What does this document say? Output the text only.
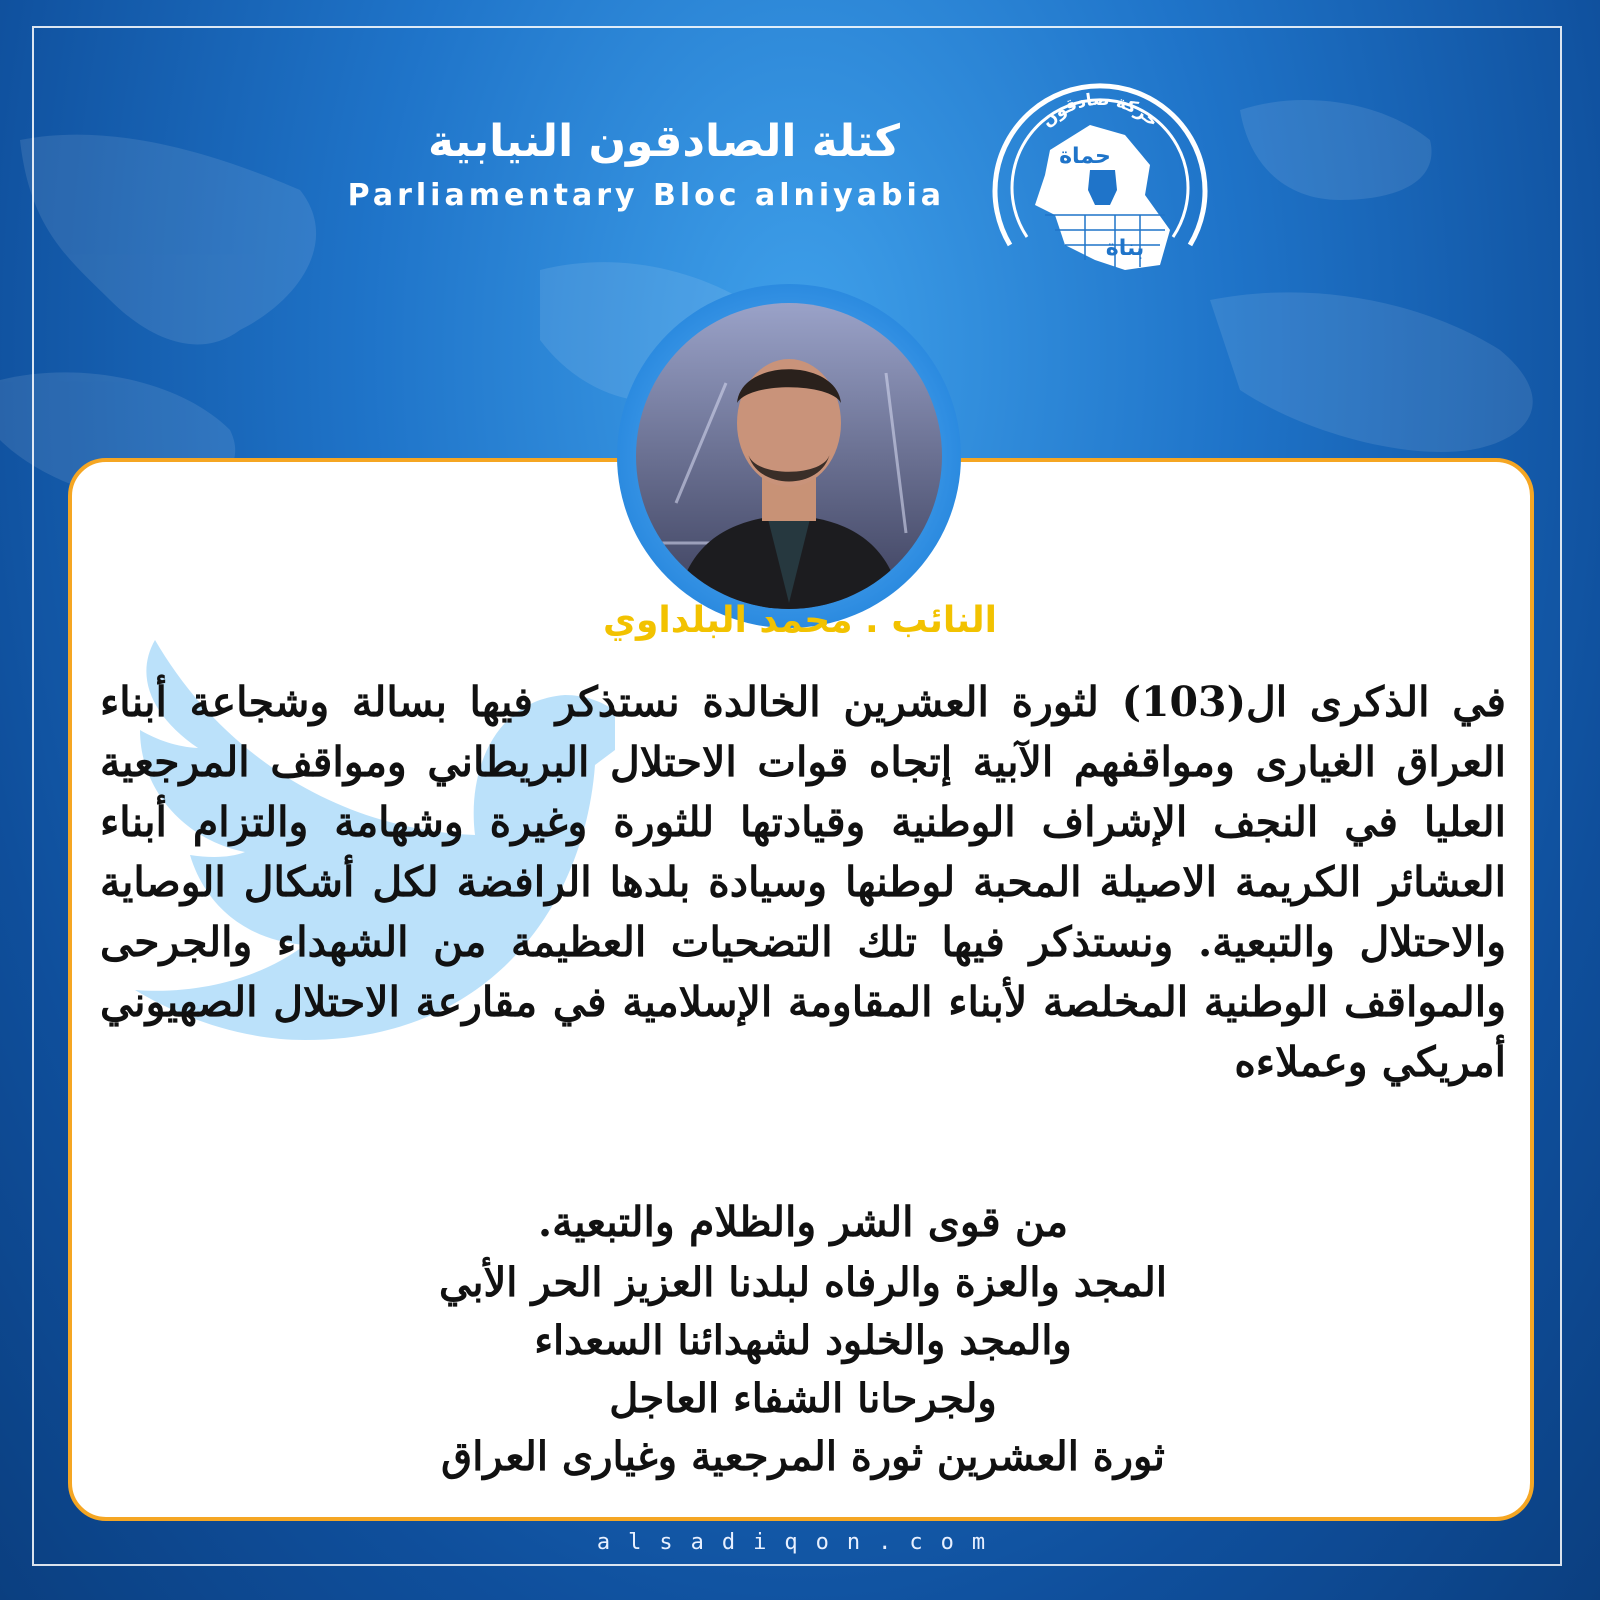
كتلة الصادقون النيابية
Parliamentary Bloc alniyabia
حركة صادقون
حماة
بناة
النائب . محمد البلداوي
في الذكرى ال(103) لثورة العشرين الخالدة نستذكر فيها بسالة وشجاعة أبناء العراق الغيارى ومواقفهم الآبية إتجاه قوات الاحتلال البريطاني ومواقف المرجعية العليا في النجف الإشراف الوطنية وقيادتها للثورة وغيرة وشهامة والتزام أبناء العشائر الكريمة الاصيلة المحبة لوطنها وسيادة بلدها الرافضة لكل أشكال الوصاية والاحتلال والتبعية. ونستذكر فيها تلك التضحيات العظيمة من الشهداء والجرحى والمواقف الوطنية المخلصة لأبناء المقاومة الإسلامية في مقارعة الاحتلال الصهيوني أمريكي وعملاءه
من قوى الشر والظلام والتبعية.
المجد والعزة والرفاه لبلدنا العزيز الحر الأبي
والمجد والخلود لشهدائنا السعداء
ولجرحانا الشفاء العاجل
ثورة العشرين ثورة المرجعية وغيارى العراق
alsadiqon.com
